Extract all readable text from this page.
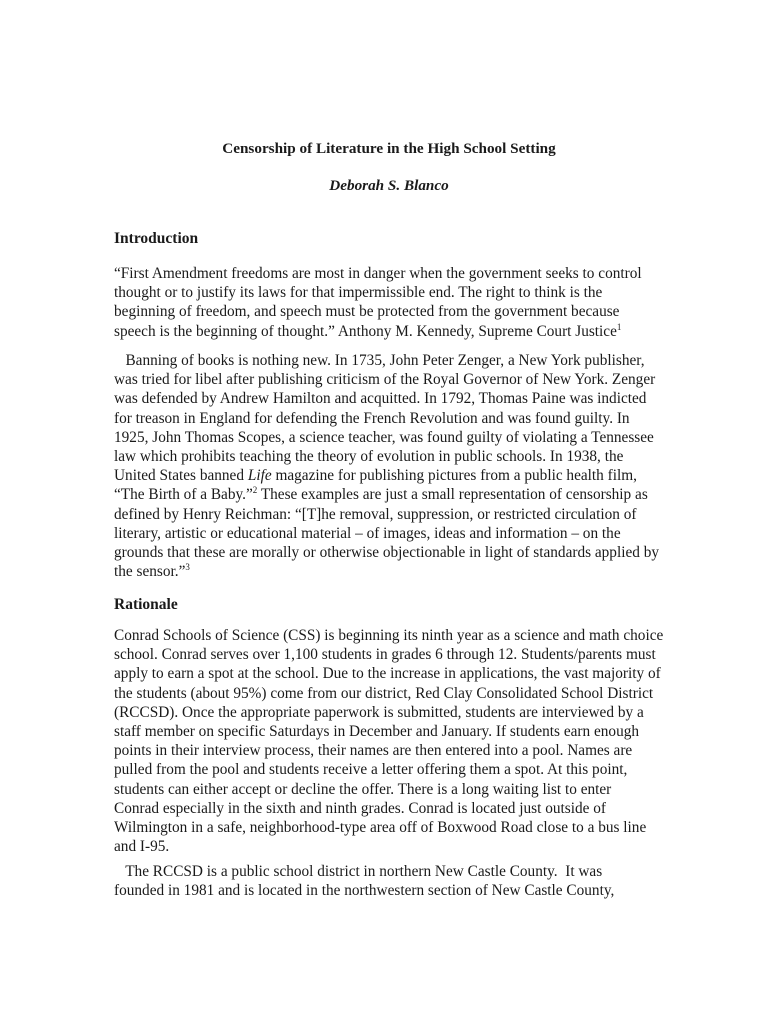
Censorship of Literature in the High School Setting
Deborah S. Blanco
Introduction
“First Amendment freedoms are most in danger when the government seeks to control
thought or to justify its laws for that impermissible end. The right to think is the
beginning of freedom, and speech must be protected from the government because
speech is the beginning of thought.” Anthony M. Kennedy, Supreme Court Justice$^1$
Banning of books is nothing new. In 1735, John Peter Zenger, a New York publisher,
was tried for libel after publishing criticism of the Royal Governor of New York. Zenger
was defended by Andrew Hamilton and acquitted. In 1792, Thomas Paine was indicted
for treason in England for defending the French Revolution and was found guilty. In
1925, John Thomas Scopes, a science teacher, was found guilty of violating a Tennessee
law which prohibits teaching the theory of evolution in public schools. In 1938, the
United States banned Life magazine for publishing pictures from a public health film,
“The Birth of a Baby.”$^2$ These examples are just a small representation of censorship as
defined by Henry Reichman: “[T]he removal, suppression, or restricted circulation of
literary, artistic or educational material – of images, ideas and information – on the
grounds that these are morally or otherwise objectionable in light of standards applied by
the sensor.”$^3$
Rationale
Conrad Schools of Science (CSS) is beginning its ninth year as a science and math choice
school. Conrad serves over 1,100 students in grades 6 through 12. Students/parents must
apply to earn a spot at the school. Due to the increase in applications, the vast majority of
the students (about 95%) come from our district, Red Clay Consolidated School District
(RCCSD). Once the appropriate paperwork is submitted, students are interviewed by a
staff member on specific Saturdays in December and January. If students earn enough
points in their interview process, their names are then entered into a pool. Names are
pulled from the pool and students receive a letter offering them a spot. At this point,
students can either accept or decline the offer. There is a long waiting list to enter
Conrad especially in the sixth and ninth grades. Conrad is located just outside of
Wilmington in a safe, neighborhood-type area off of Boxwood Road close to a bus line
and I-95.
The RCCSD is a public school district in northern New Castle County.  It was
founded in 1981 and is located in the northwestern section of New Castle County,
